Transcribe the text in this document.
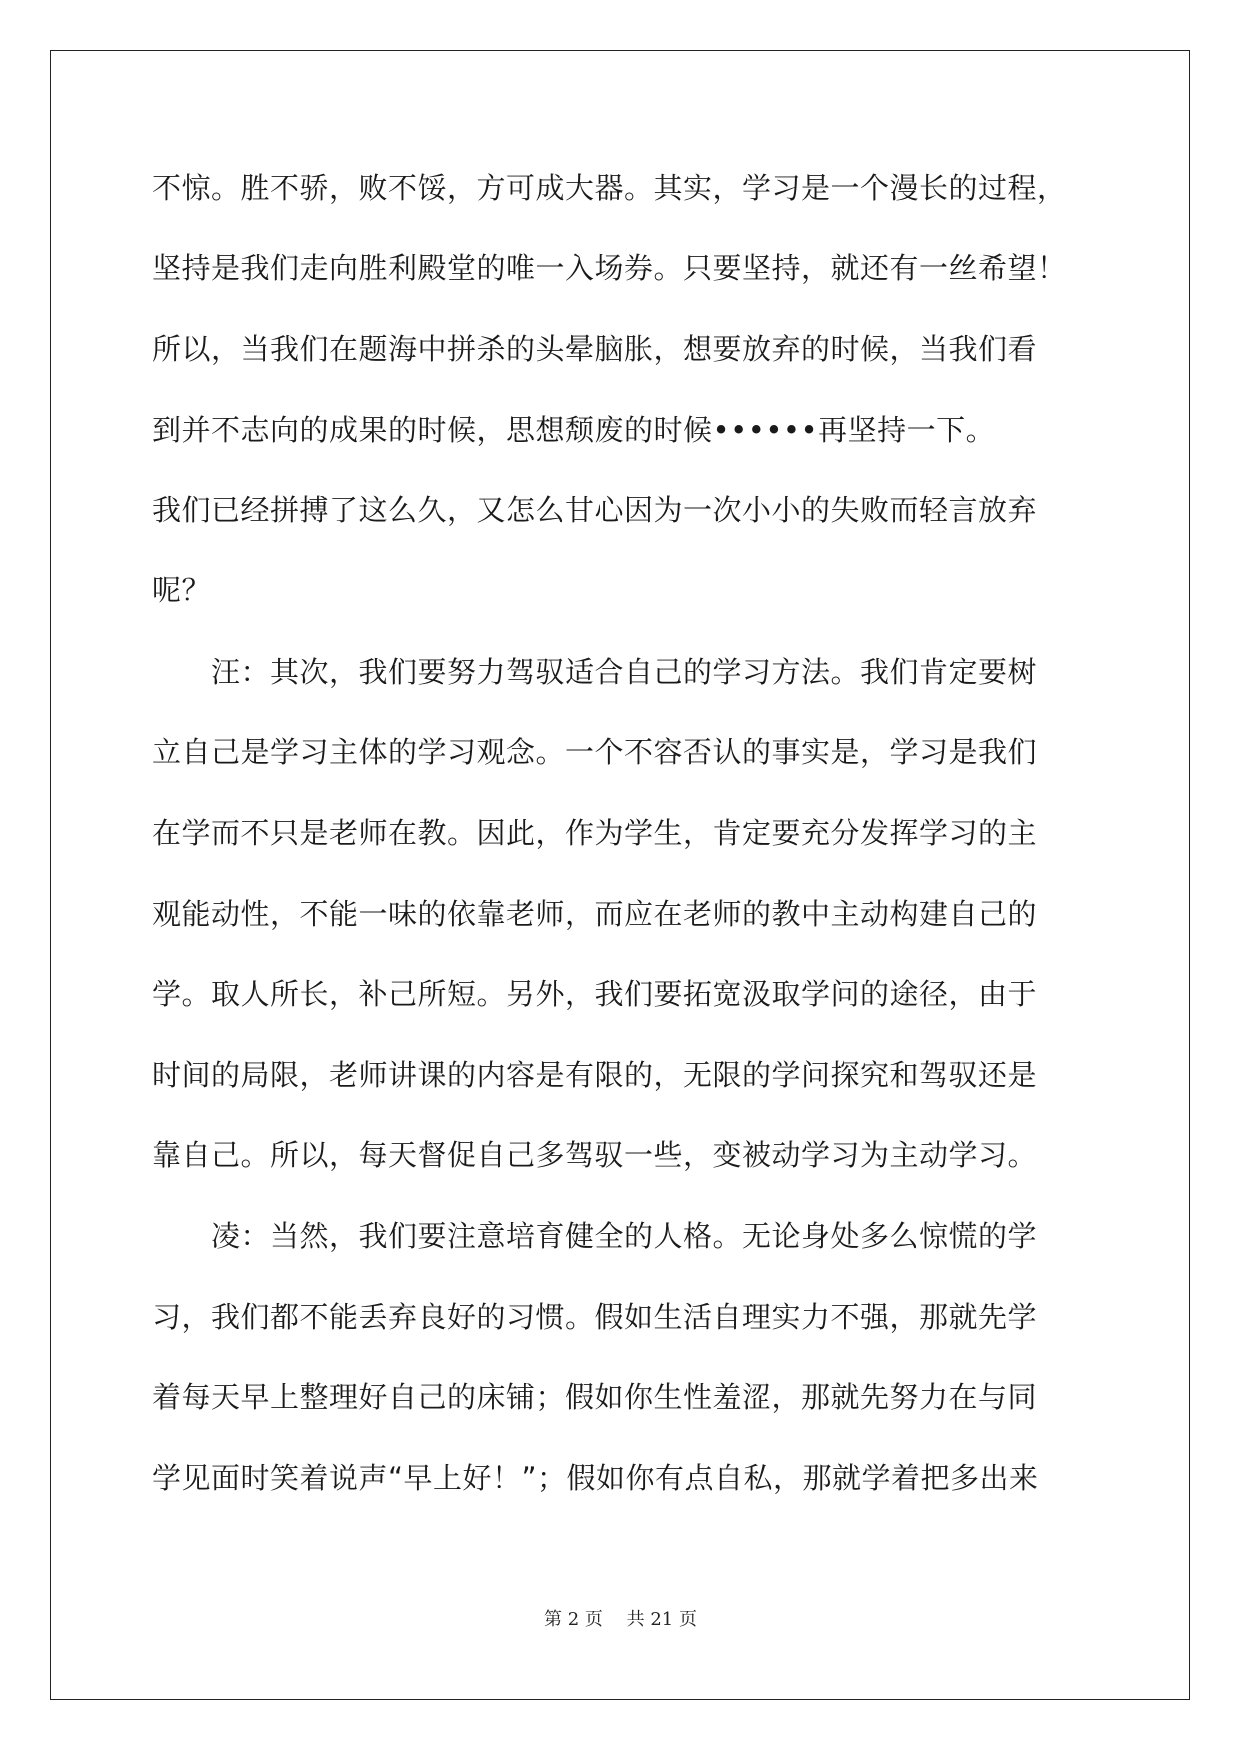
不惊。胜不骄，败不馁，方可成大器。其实，学习是一个漫长的过程，
坚持是我们走向胜利殿堂的唯一入场券。只要坚持，就还有一丝希望！
所以，当我们在题海中拼杀的头晕脑胀，想要放弃的时候，当我们看
到并不志向的成果的时候，思想颓废的时候••••••再坚持一下。
我们已经拼搏了这么久，又怎么甘心因为一次小小的失败而轻言放弃
呢？
　　汪：其次，我们要努力驾驭适合自己的学习方法。我们肯定要树
立自己是学习主体的学习观念。一个不容否认的事实是，学习是我们
在学而不只是老师在教。因此，作为学生，肯定要充分发挥学习的主
观能动性，不能一味的依靠老师，而应在老师的教中主动构建自己的
学。取人所长，补己所短。另外，我们要拓宽汲取学问的途径，由于
时间的局限，老师讲课的内容是有限的，无限的学问探究和驾驭还是
靠自己。所以，每天督促自己多驾驭一些，变被动学习为主动学习。
　　凌：当然，我们要注意培育健全的人格。无论身处多么惊慌的学
习，我们都不能丢弃良好的习惯。假如生活自理实力不强，那就先学
着每天早上整理好自己的床铺；假如你生性羞涩，那就先努力在与同
学见面时笑着说声“早上好！”；假如你有点自私，那就学着把多出来
第 2 页　 共 21 页
